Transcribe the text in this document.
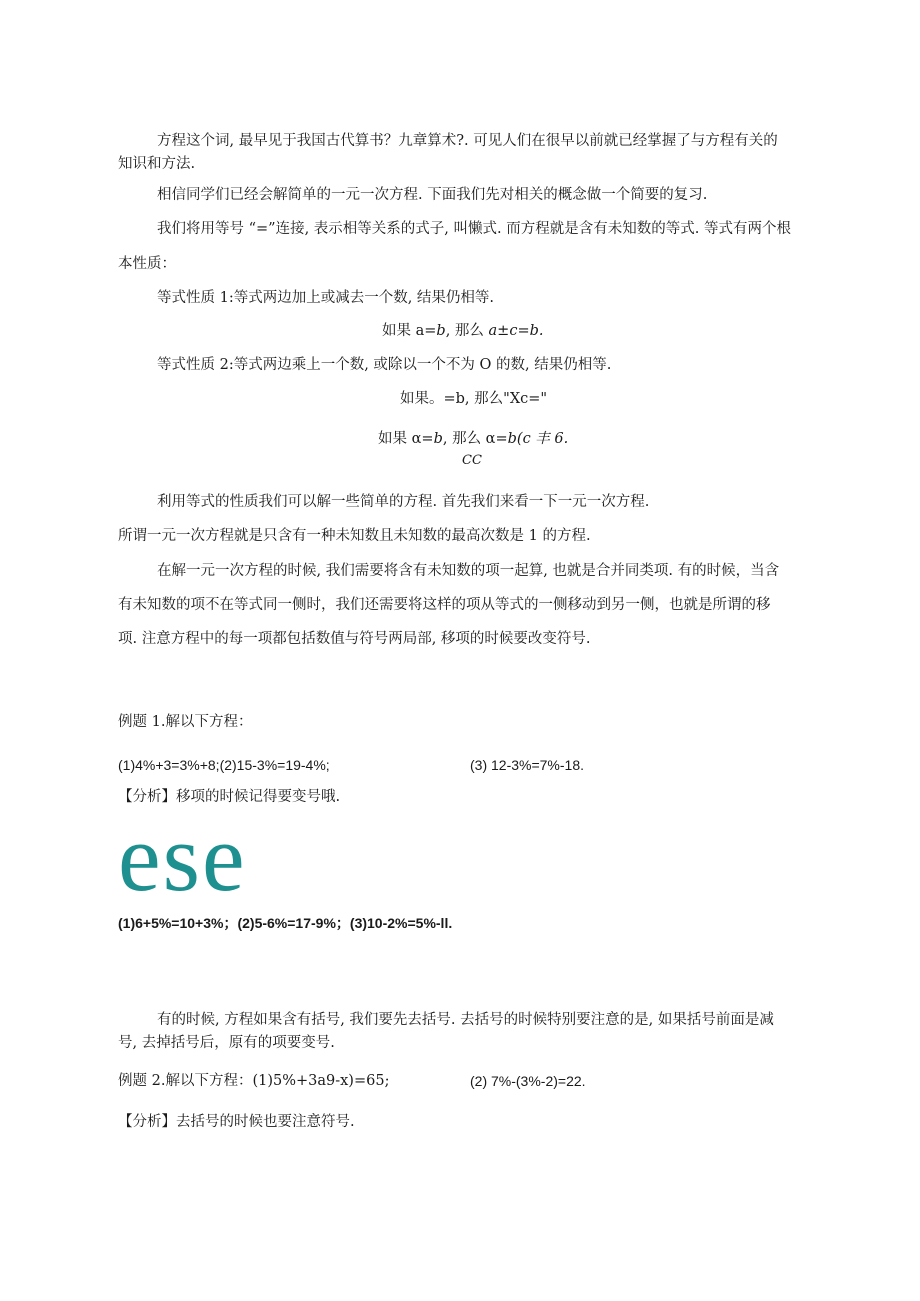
方程这个词, 最早见于我国古代算书？九章算术?. 可见人们在很早以前就已经掌握了与方程有关的
知识和方法.
相信同学们已经会解简单的一元一次方程. 下面我们先对相关的概念做一个简要的复习.
我们将用等号 “=”连接, 表示相等关系的式子, 叫懒式. 而方程就是含有未知数的等式. 等式有两个根
本性质：
等式性质 1:等式两边加上或减去一个数, 结果仍相等.
如果 a=b, 那么 a±c=b.
等式性质 2:等式两边乘上一个数, 或除以一个不为 O 的数, 结果仍相等.
如果。=b, 那么"Xc="
如果 α=b, 那么 α=b(c 丰 6.
CC
利用等式的性质我们可以解一些简单的方程. 首先我们来看一下一元一次方程.
所谓一元一次方程就是只含有一种未知数且未知数的最高次数是 1 的方程.
在解一元一次方程的时候, 我们需要将含有未知数的项一起算, 也就是合并同类项. 有的时候，当含
有未知数的项不在等式同一侧时，我们还需要将这样的项从等式的一侧移动到另一侧，也就是所谓的移
项. 注意方程中的每一项都包括数值与符号两局部, 移项的时候要改变符号.
例题 1.解以下方程：
(1)4%+3=3%+8;(2)15-3%=19-4%;	(3) 12-3%=7%-18.
【分析】移项的时候记得要变号哦.
ese
(1)6+5%=10+3%；(2)5-6%=17-9%；(3)10-2%=5%-ll.
有的时候, 方程如果含有括号, 我们要先去括号. 去括号的时候特别要注意的是, 如果括号前面是减
号, 去掉括号后，原有的项要变号.
例题 2.解以下方程：(1)5%+3a9-x)=65;	(2) 7%-(3%-2)=22.
【分析】去括号的时候也要注意符号.
